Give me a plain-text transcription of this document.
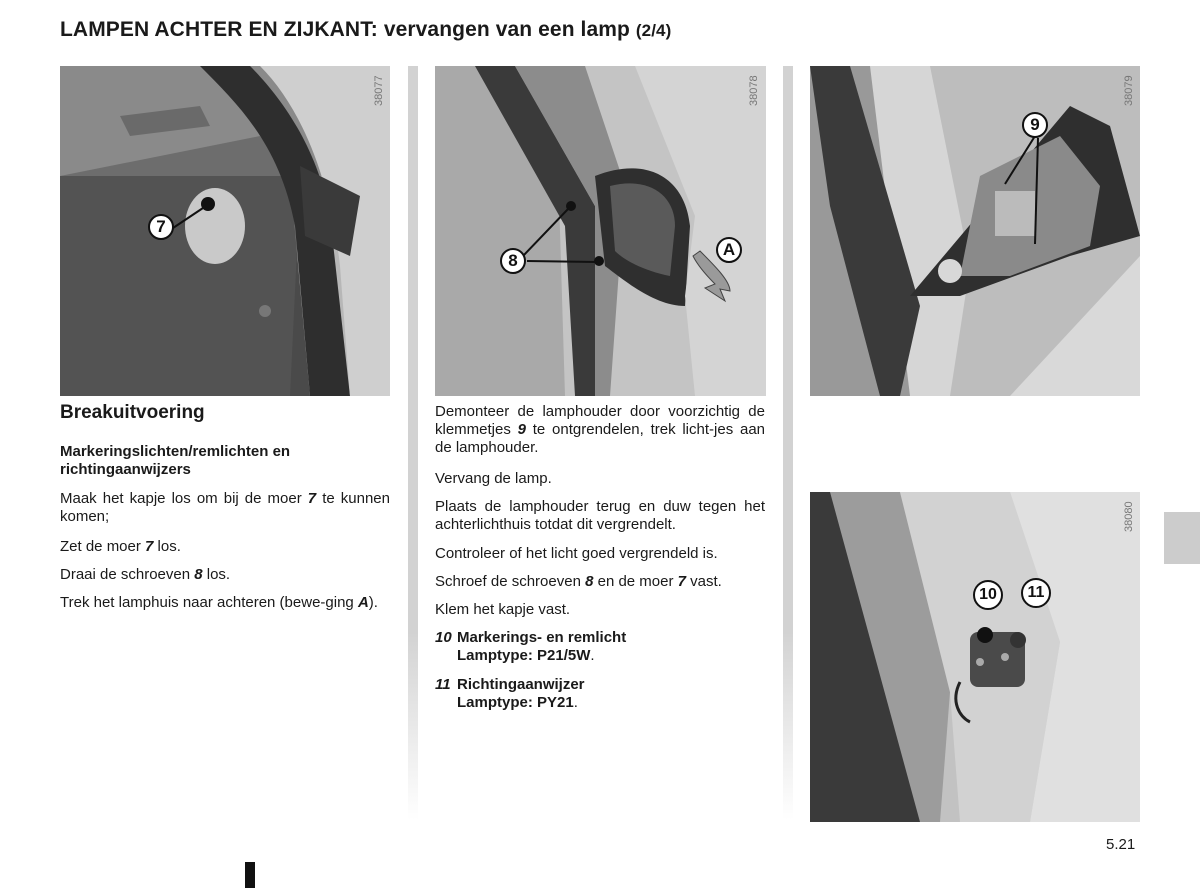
LAMPEN ACHTER EN ZIJKANT: vervangen van een lamp (2/4)
38077
7
38078
8
A
38079
9
38080
10	11
Breakuitvoering
Markeringslichten/remlichten en richtingaanwijzers
Maak het kapje los om bij de moer 7 te kunnen komen;
Zet de moer 7 los.
Draai de schroeven 8 los.
Trek het lamphuis naar achteren (bewe-ging A).
Demonteer de lamphouder door voorzichtig de klemmetjes 9 te ontgrendelen, trek licht-jes aan de lamphouder.
Vervang de lamp.
Plaats de lamphouder terug en duw tegen het achterlichthuis totdat dit vergrendelt.
Controleer of het licht goed vergrendeld is.
Schroef de schroeven 8 en de moer 7 vast.
Klem het kapje vast.
10 Markerings- en remlicht
Lamptype: P21/5W .
11 Richtingaanwijzer
Lamptype: PY21 .
5.21
